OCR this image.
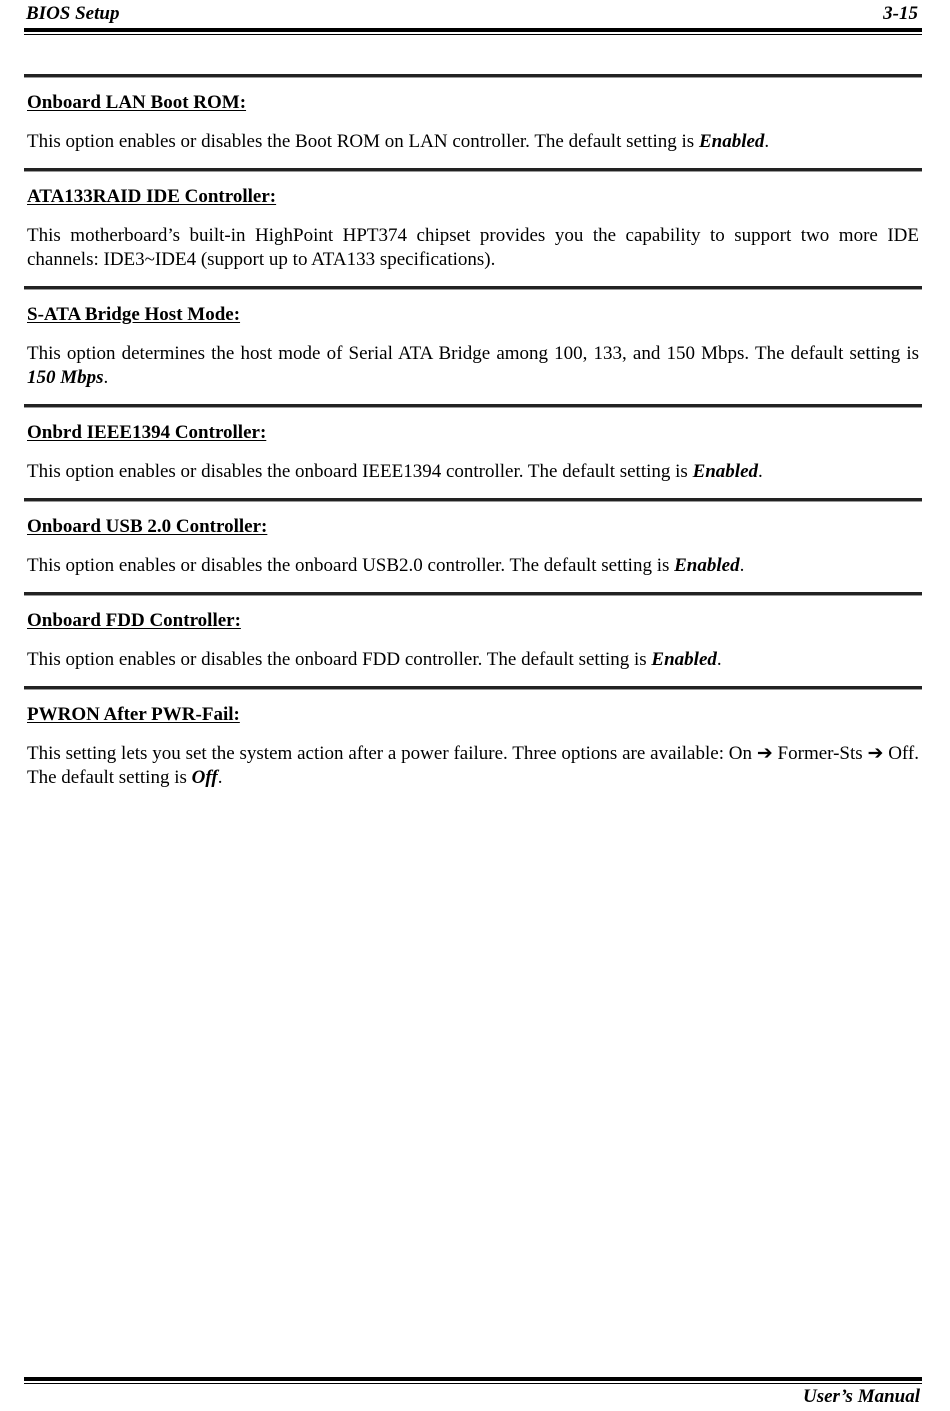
BIOS Setup	3-15
Onboard LAN Boot ROM:
This option enables or disables the Boot ROM on LAN controller. The default setting is Enabled.
ATA133RAID IDE Controller:
This motherboard’s built-in HighPoint HPT374 chipset provides you the capability to support two more IDE channels: IDE3~IDE4 (support up to ATA133 specifications).
S-ATA Bridge Host Mode:
This option determines the host mode of Serial ATA Bridge among 100, 133, and 150 Mbps. The default setting is 150 Mbps.
Onbrd IEEE1394 Controller:
This option enables or disables the onboard IEEE1394 controller. The default setting is Enabled.
Onboard USB 2.0 Controller:
This option enables or disables the onboard USB2.0 controller. The default setting is Enabled.
Onboard FDD Controller:
This option enables or disables the onboard FDD controller. The default setting is Enabled.
PWRON After PWR-Fail:
This setting lets you set the system action after a power failure. Three options are available: On ➔ Former-Sts ➔ Off. The default setting is Off.
User’s Manual
